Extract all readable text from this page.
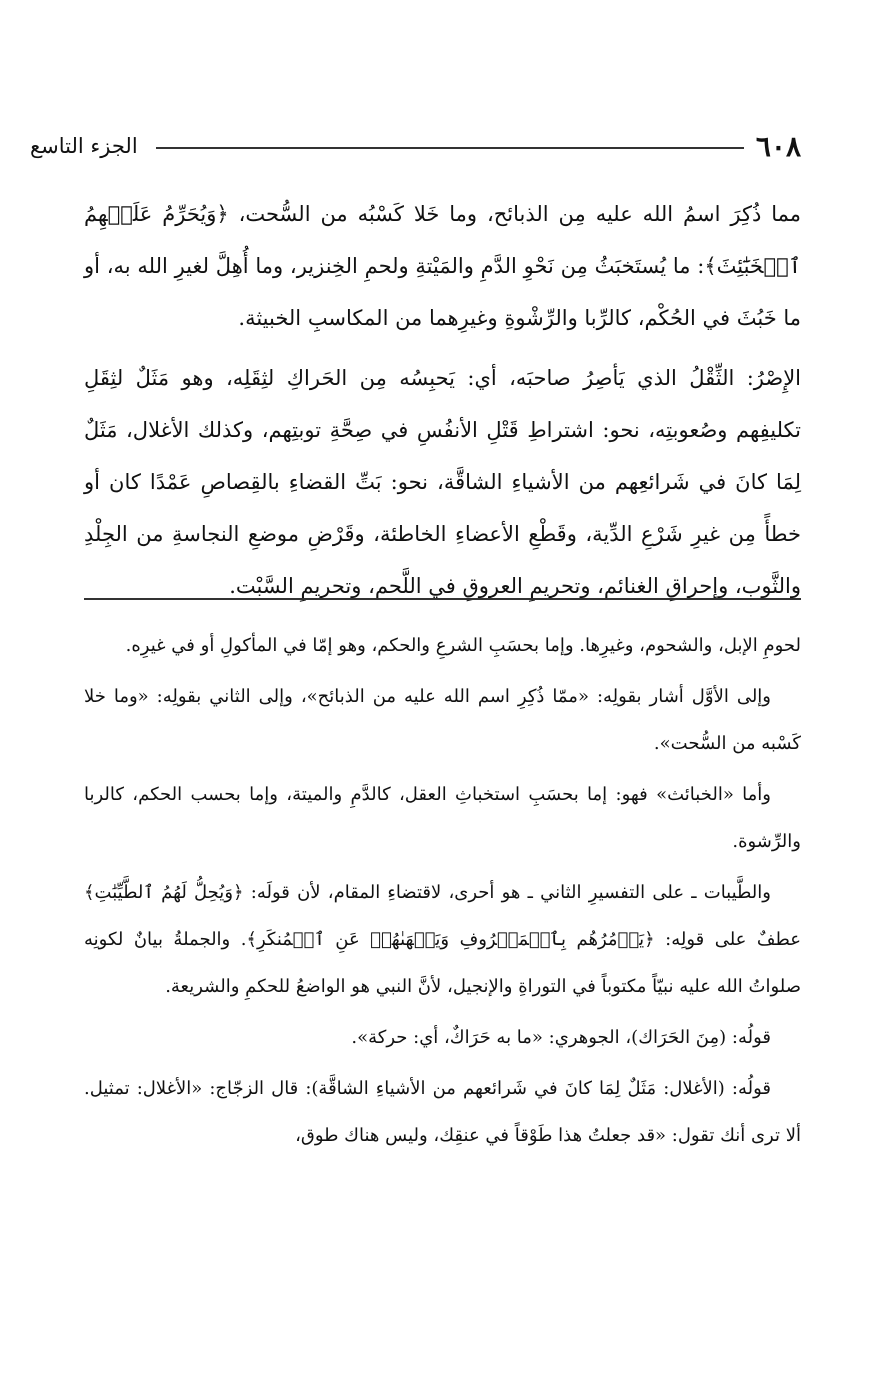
٦٠٨
الجزء التاسع

مما ذُكِرَ اسمُ الله عليه مِن الذبائح، وما خَلا كَسْبُه من السُّحت، ﴿وَيُحَرِّمُ عَلَيۡهِمُ ٱلۡخَبَٰٓئِثَ﴾: ما يُستَخبَثُ مِن نَحْوِ الدَّمِ والمَيْتةِ ولحمِ الخِنزير، وما أُهِلَّ لغيرِ الله به، أو ما خَبُثَ في الحُكْم، كالرِّبا والرِّشْوةِ وغيرِهما من المكاسبِ الخبيثة.

الإِصْرُ: الثِّقْلُ الذي يَأصِرُ صاحبَه، أي: يَحبِسُه مِن الحَراكِ لثِقَلِه، وهو مَثَلٌ لثِقَلِ تكليفِهم وصُعوبتِه، نحو: اشتراطِ قَتْلِ الأنفُسِ في صِحَّةِ توبتِهم، وكذلك الأغلال، مَثَلٌ لِمَا كانَ في شَرائعِهم من الأشياءِ الشاقَّة، نحو: بَتِّ القضاءِ بالقِصاصِ عَمْدًا كان أو خطأً مِن غيرِ شَرْعِ الدِّية، وقَطْعِ الأعضاءِ الخاطئة، وقَرْضِ موضعِ النجاسةِ من الجِلْدِ والثَّوب، وإحراقِ الغنائم، وتحريمِ العروقِ في اللَّحم، وتحريمِ السَّبْت.

لحومِ الإبل، والشحوم، وغيرِها. وإما بحسَبِ الشرعِ والحكم، وهو إمّا في المأكولِ أو في غيرِه.

وإلى الأوَّل أشار بقولِه: «ممّا ذُكِرِ اسم الله عليه من الذبائح»، وإلى الثاني بقولِه: «وما خلا كَسْبه من السُّحت».

وأما «الخبائث» فهو: إما بحسَبِ استخباثِ العقل، كالدَّمِ والميتة، وإما بحسب الحكم، كالربا والرِّشوة.

والطَّيبات ـ على التفسيرِ الثاني ـ هو أحرى، لاقتضاءِ المقام، لأن قولَه: ﴿وَيُحِلُّ لَهُمُ ٱلطَّيِّبَٰتِ﴾ عطفٌ على قولِه: ﴿يَأۡمُرُهُم بِٱلۡمَعۡرُوفِ وَيَنۡهَىٰهُمۡ عَنِ ٱلۡمُنكَرِ﴾. والجملةُ بيانٌ لكونِه صلواتُ الله عليه نبيّاً مكتوباً في التوراةِ والإنجيل، لأنَّ النبي هو الواضعُ للحكمِ والشريعة.

قولُه: (مِنَ الحَرَاك)، الجوهري: «ما به حَرَاكٌ، أي: حركة».

قولُه: (الأغلال: مَثَلٌ لِمَا كانَ في شَرائعهم من الأشياءِ الشاقَّة): قال الزجّاج: «الأغلال: تمثيل. ألا ترى أنك تقول: «قد جعلتُ هذا طَوْقاً في عنقِك، وليس هناك طوق،
